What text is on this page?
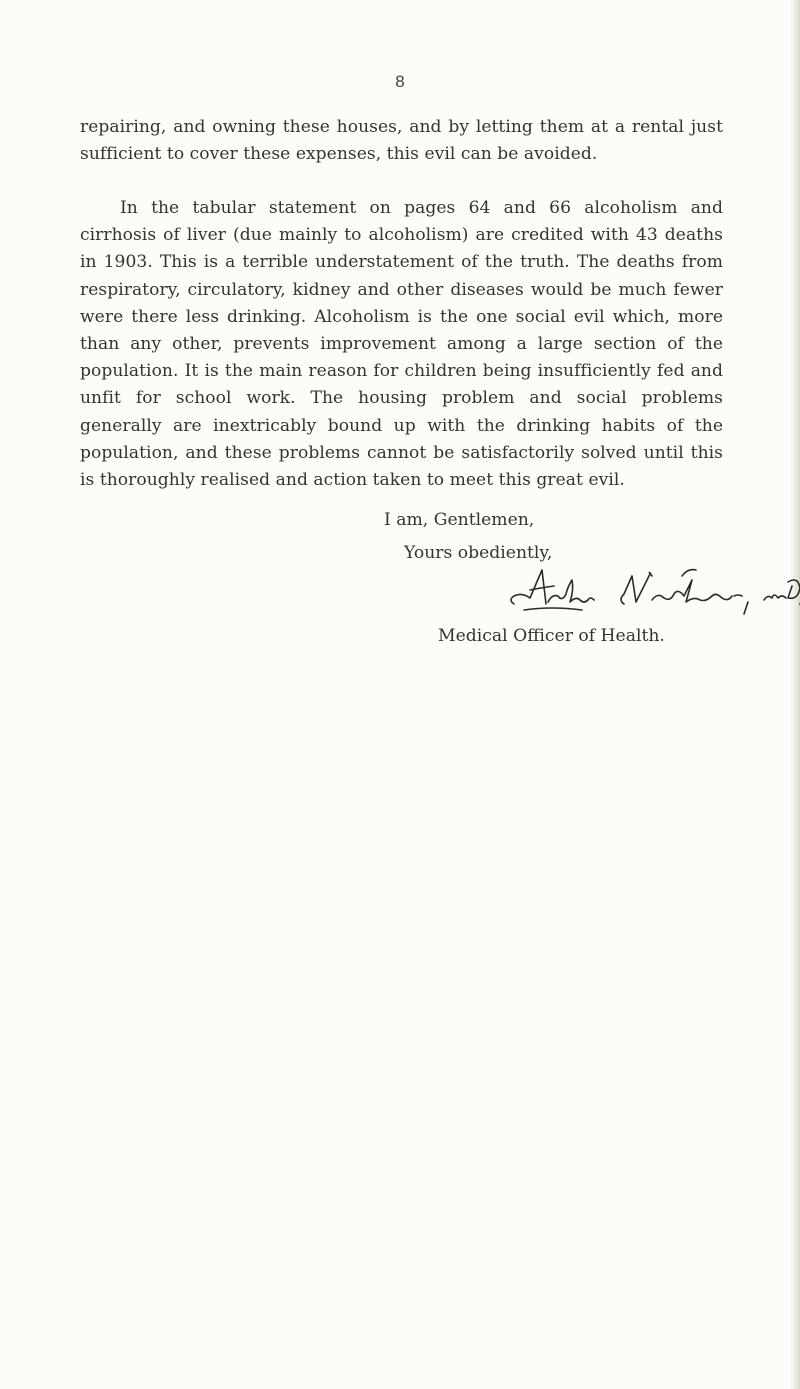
8

repairing, and owning these houses, and by letting them at a rental just sufficient to cover these expenses, this evil can be avoided.

In the tabular statement on pages 64 and 66 alcoholism and cirrhosis of liver (due mainly to alcoholism) are credited with 43 deaths in 1903. This is a terrible understatement of the truth. The deaths from respiratory, circulatory, kidney and other diseases would be much fewer were there less drinking. Alcoholism is the one social evil which, more than any other, prevents improvement among a large section of the population. It is the main reason for children being insufficiently fed and unfit for school work. The housing problem and social problems generally are inextricably bound up with the drinking habits of the population, and these problems cannot be satisfactorily solved until this is thoroughly realised and action taken to meet this great evil.

I am, Gentlemen,
Yours obediently,
Medical Officer of Health.
